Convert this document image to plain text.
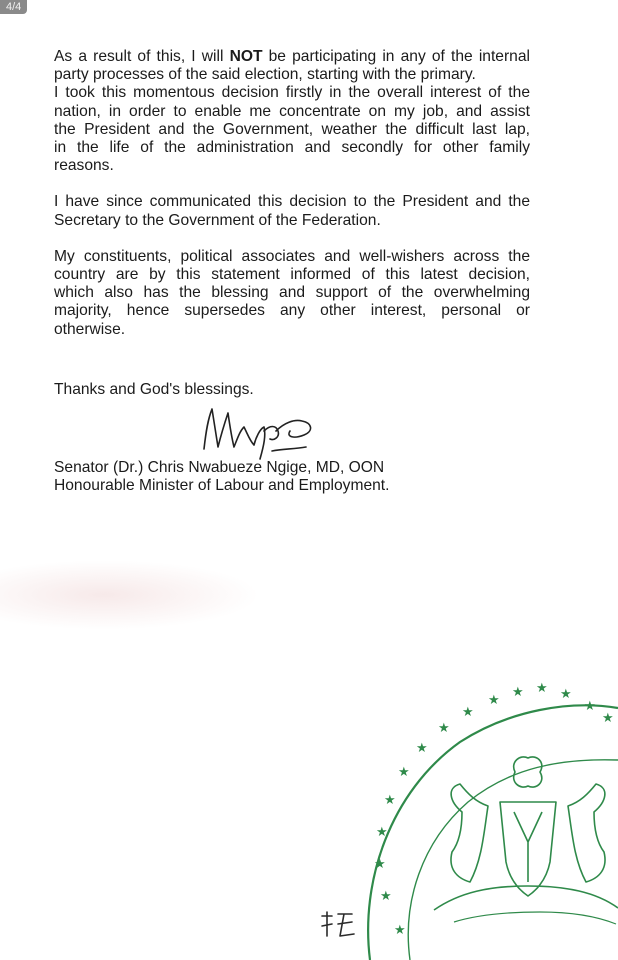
4/4

As a result of this, I will NOT be participating in any of the internal
party processes of the said election, starting with the primary.
I took this momentous decision firstly in the overall interest of the
nation, in order to enable me concentrate on my job, and assist
the President and the Government, weather the difficult last lap,
in the life of the administration and secondly for other family
reasons.

I have since communicated this decision to the President and the
Secretary to the Government of the Federation.

My constituents, political associates and well-wishers across the
country are by this statement informed of this latest decision,
which also has the blessing and support of the overwhelming
majority, hence supersedes any other interest, personal or
otherwise.

Thanks and God's blessings.

Senator (Dr.) Chris Nwabueze Ngige, MD, OON

Honourable Minister of Labour and Employment.

★
★
★
★
★
★
★
★
★
★
★ ★ ★
★
★
